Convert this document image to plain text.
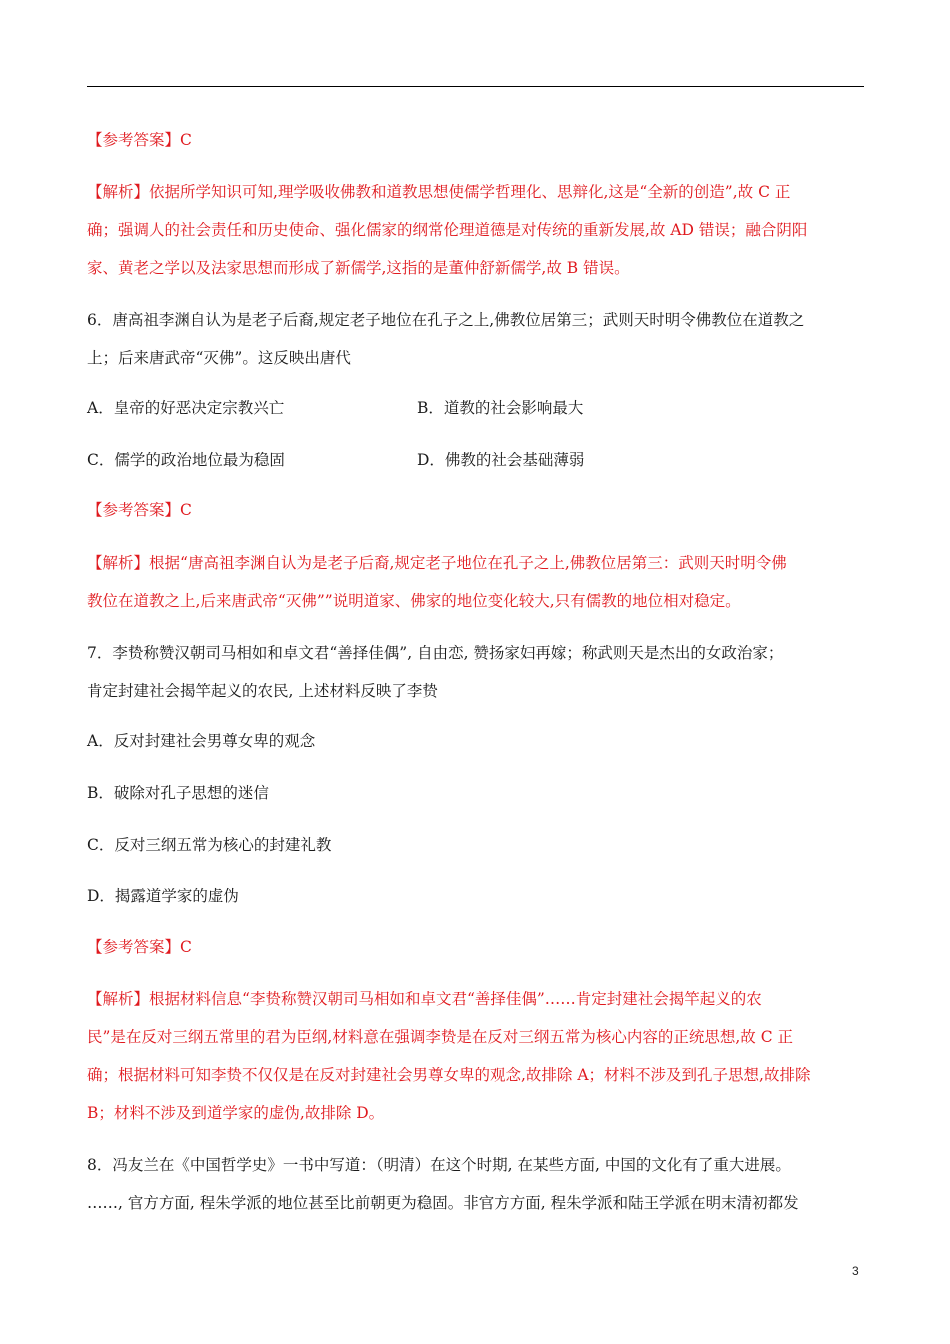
【参考答案】C
【解析】依据所学知识可知,理学吸收佛教和道教思想使儒学哲理化、思辩化,这是“全新的创造”,故 C 正
确；强调人的社会责任和历史使命、强化儒家的纲常伦理道德是对传统的重新发展,故 AD 错误；融合阴阳
家、黄老之学以及法家思想而形成了新儒学,这指的是董仲舒新儒学,故 B 错误。
6．唐高祖李渊自认为是老子后裔,规定老子地位在孔子之上,佛教位居第三；武则天时明令佛教位在道教之
上；后来唐武帝“灭佛”。这反映出唐代
A．皇帝的好恶决定宗教兴亡	B．道教的社会影响最大
C．儒学的政治地位最为稳固	D．佛教的社会基础薄弱
【参考答案】C
【解析】根据“唐高祖李渊自认为是老子后裔,规定老子地位在孔子之上,佛教位居第三：武则天时明令佛
教位在道教之上,后来唐武帝“灭佛””说明道家、佛家的地位变化较大,只有儒教的地位相对稳定。
7．李贽称赞汉朝司马相如和卓文君“善择佳偶”, 自由恋, 赞扬家妇再嫁；称武则天是杰出的女政治家；
肯定封建社会揭竿起义的农民, 上述材料反映了李贽
A．反对封建社会男尊女卑的观念
B．破除对孔子思想的迷信
C．反对三纲五常为核心的封建礼教
D．揭露道学家的虚伪
【参考答案】C
【解析】根据材料信息“李贽称赞汉朝司马相如和卓文君“善择佳偶”……肯定封建社会揭竿起义的农
民”是在反对三纲五常里的君为臣纲,材料意在强调李贽是在反对三纲五常为核心内容的正统思想,故 C 正
确；根据材料可知李贽不仅仅是在反对封建社会男尊女卑的观念,故排除 A；材料不涉及到孔子思想,故排除
B；材料不涉及到道学家的虚伪,故排除 D。
8．冯友兰在《中国哲学史》一书中写道：（明清）在这个时期, 在某些方面, 中国的文化有了重大进展。
……, 官方方面, 程朱学派的地位甚至比前朝更为稳固。非官方方面, 程朱学派和陆王学派在明末清初都发
3
